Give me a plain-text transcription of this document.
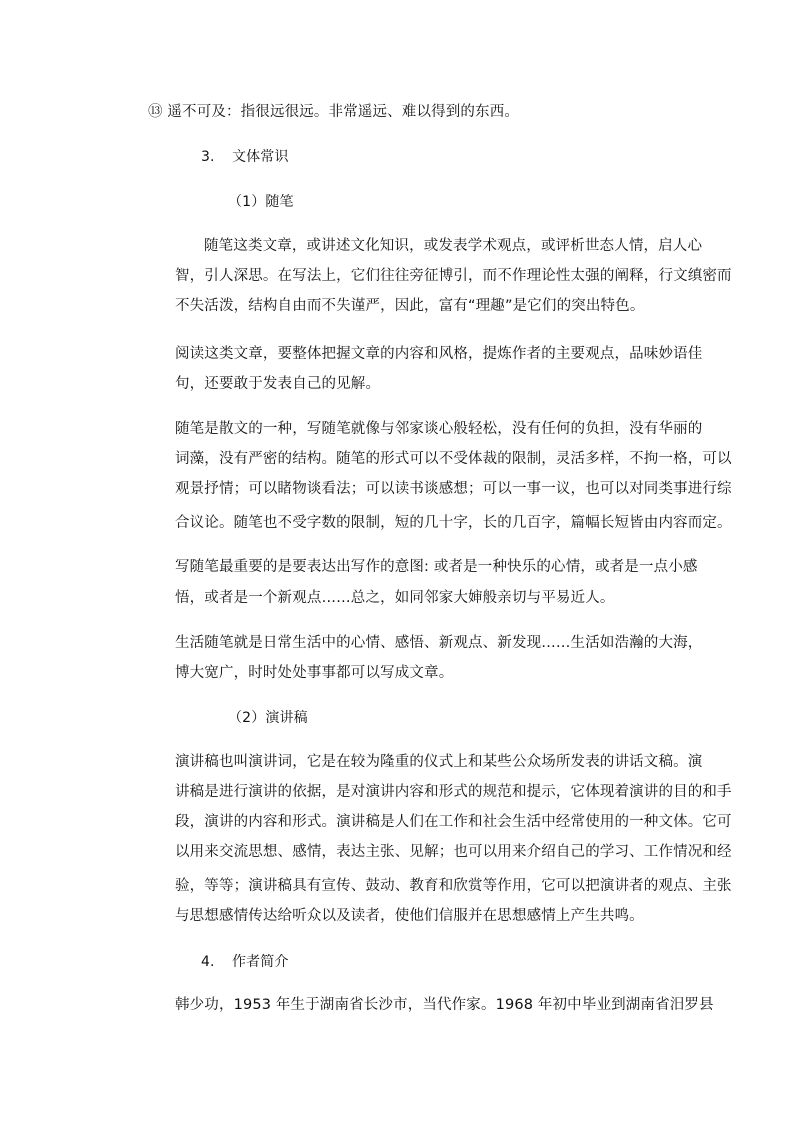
⑬ 遥不可及：指很远很远。非常遥远、难以得到的东西。
3. 文体常识
（1）随笔
随笔这类文章，或讲述文化知识，或发表学术观点，或评析世态人情，启人心
智，引人深思。在写法上，它们往往旁征博引，而不作理论性太强的阐释，行文缜密而
不失活泼，结构自由而不失谨严，因此，富有“理趣”是它们的突出特色。
阅读这类文章，要整体把握文章的内容和风格，提炼作者的主要观点，品味妙语佳
句，还要敢于发表自己的见解。
随笔是散文的一种，写随笔就像与邻家谈心般轻松，没有任何的负担，没有华丽的
词藻，没有严密的结构。随笔的形式可以不受体裁的限制，灵活多样，不拘一格，可以
观景抒情；可以睹物谈看法；可以读书谈感想；可以一事一议，也可以对同类事进行综
合议论。随笔也不受字数的限制，短的几十字，长的几百字，篇幅长短皆由内容而定。
写随笔最重要的是要表达出写作的意图: 或者是一种快乐的心情，或者是一点小感
悟，或者是一个新观点……总之，如同邻家大婶般亲切与平易近人。
生活随笔就是日常生活中的心情、感悟、新观点、新发现……生活如浩瀚的大海，
博大宽广，时时处处事事都可以写成文章。
（2）演讲稿
演讲稿也叫演讲词，它是在较为隆重的仪式上和某些公众场所发表的讲话文稿。演
讲稿是进行演讲的依据，是对演讲内容和形式的规范和提示，它体现着演讲的目的和手
段，演讲的内容和形式。演讲稿是人们在工作和社会生活中经常使用的一种文体。它可
以用来交流思想、感情，表达主张、见解；也可以用来介绍自己的学习、工作情况和经
验，等等；演讲稿具有宣传、鼓动、教育和欣赏等作用，它可以把演讲者的观点、主张
与思想感情传达给听众以及读者，使他们信服并在思想感情上产生共鸣。
4. 作者简介
韩少功，1953 年生于湖南省长沙市，当代作家。1968 年初中毕业到湖南省汨罗县
